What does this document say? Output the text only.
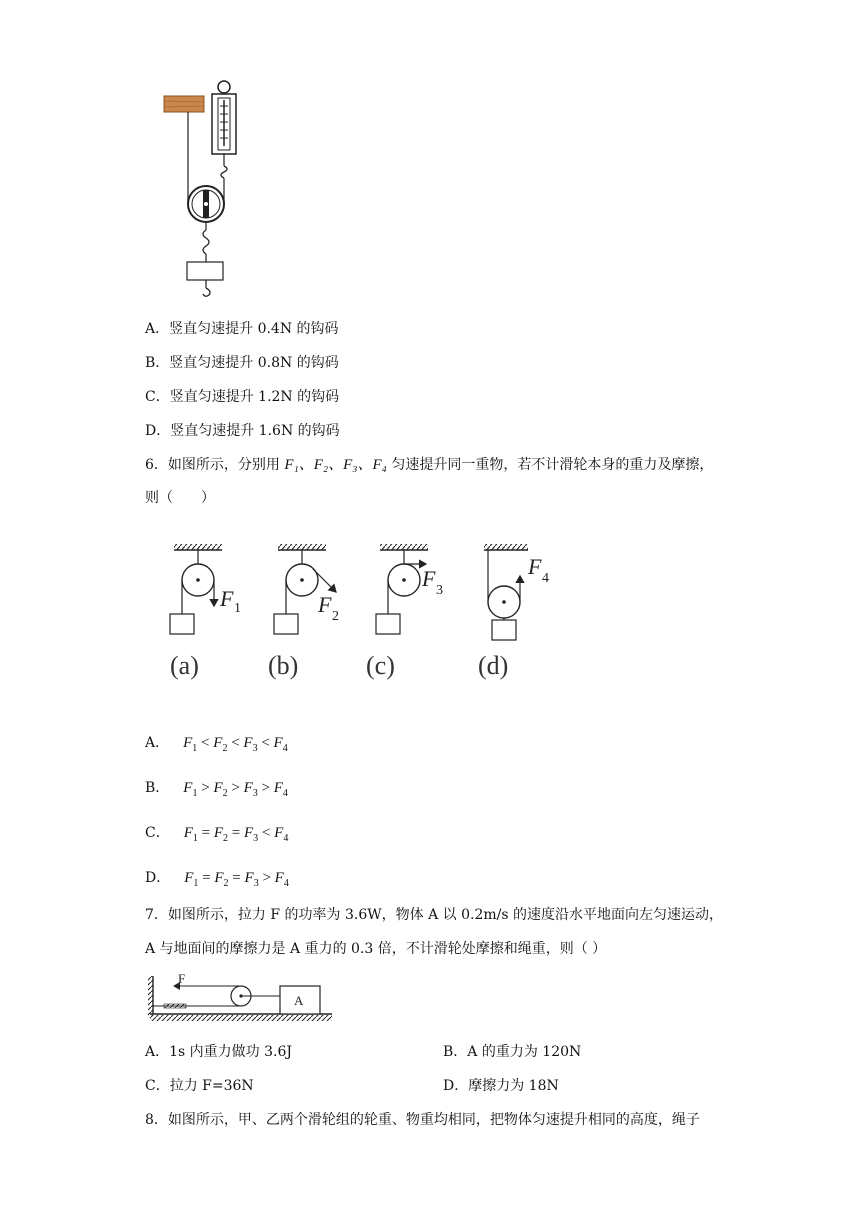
A．竖直匀速提升 0.4N 的钩码
B．竖直匀速提升 0.8N 的钩码
C．竖直匀速提升 1.2N 的钩码
D．竖直匀速提升 1.6N 的钩码
6．如图所示，分别用 F₁、F₂、F₃、F₄ 匀速提升同一重物，若不计滑轮本身的重力及摩擦，
则（　　）
F 1
(a)
F 2
(b)
F 3
(c)
F 4
(d)
A． $F_1 < F_2 < F_3 < F_4$
B． $F_1 > F_2 > F_3 > F_4$
C． $F_1 = F_2 = F_3 < F_4$
D． $F_1 = F_2 = F_3 > F_4$
7．如图所示，拉力 F 的功率为 3.6W，物体 A 以 0.2m/s 的速度沿水平地面向左匀速运动，
A 与地面间的摩擦力是 A 重力的 0.3 倍，不计滑轮处摩擦和绳重，则（ ）
F
A
A．1s 内重力做功 3.6J	B．A 的重力为 120N
C．拉力 F=36N	D．摩擦力为 18N
8．如图所示，甲、乙两个滑轮组的轮重、物重均相同，把物体匀速提升相同的高度，绳子
